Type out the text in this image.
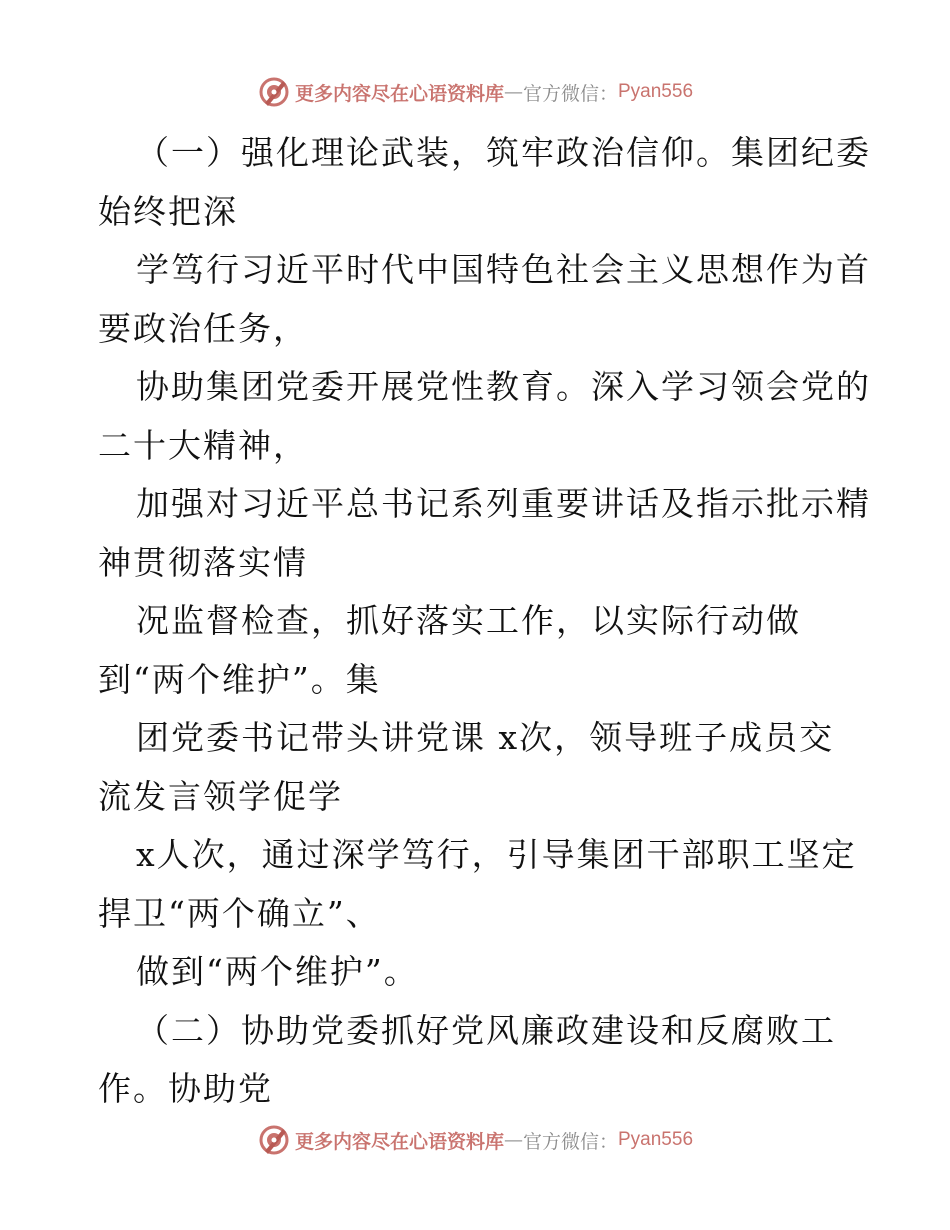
更多内容尽在心语资料库 — 官方微信： Pyan556
（一）强化理论武装，筑牢政治信仰。集团纪委
始终把深
学笃行习近平时代中国特色社会主义思想作为首
要政治任务，
协助集团党委开展党性教育。深入学习领会党的
二十大精神，
加强对习近平总书记系列重要讲话及指示批示精
神贯彻落实情
况监督检查，抓好落实工作，以实际行动做
到“两个维护”。集
团党委书记带头讲党课 x次，领导班子成员交
流发言领学促学
x人次，通过深学笃行，引导集团干部职工坚定
捍卫“两个确立”、
做到“两个维护”。
（二）协助党委抓好党风廉政建设和反腐败工
作。协助党
更多内容尽在心语资料库 — 官方微信： Pyan556
